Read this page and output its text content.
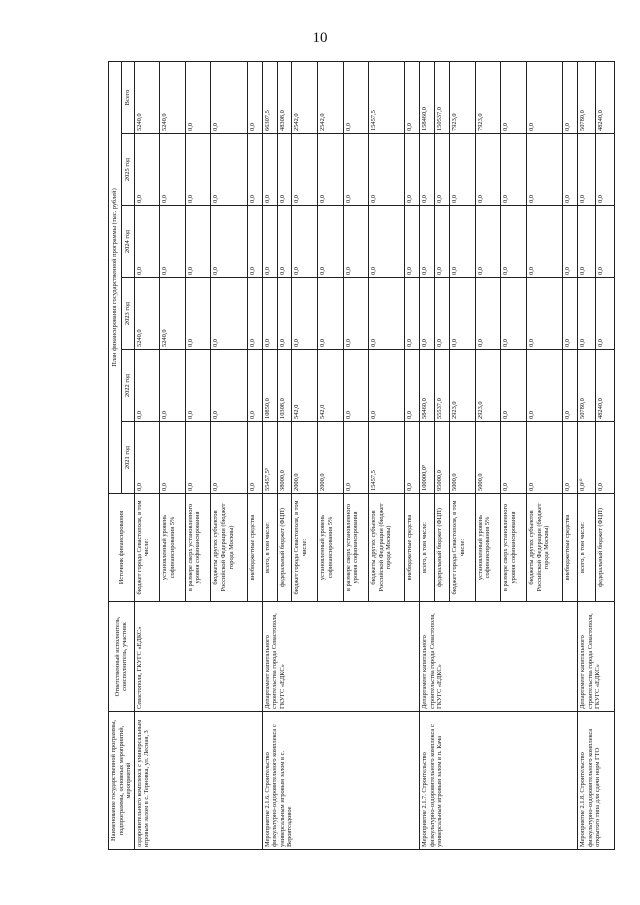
10
Наименование государственной программы, подпрограммы, основных мероприятий, мероприятий	Ответственный исполнитель, соисполнитель, участник	Источник финансирования	План финансирования государственной программы (тыс. рублей)					
			2021 год	2022 год	2023 год	2024 год	2025 год	Всего
оздоровительного комплекса с универсальным игровым залом в с. Терновка, ул. Лесная, 3	Севастополя, ГКУГС «ЕДКС»	бюджет города Севастополя, в том числе:	0,0	0,0	5240,0	0,0	0,0	5240,0
		установленный уровень софинансирования 5%	0,0	0,0	5240,0	0,0	0,0	5240,0
		в размере сверх установленного уровня софинансирования	0,0	0,0	0,0	0,0	0,0	0,0
		бюджеты других субъектов Российской Федерации (бюджет города Москвы)	0,0	0,0	0,0	0,0	0,0	0,0
		внебюджетные средства	0,0	0,0	0,0	0,0	0,0	0,0
Мероприятие 2.1.6. Строительство физкультурно-оздоровительного комплекса с универсальным игровым залом в с. Вероятсадовое	Департамент капитального строительства города Севастополя, ГКУГС «ЕДКС»	всего, в том числе:	55457,5⁹	10850,0	0,0	0,0	0,0	66307,5
		федеральный бюджет (ФЦП)	38000,0	10308,0	0,0	0,0	0,0	48308,0
		бюджет города Севастополя, в том числе:	2000,0	542,0	0,0	0,0	0,0	2542,0
		установленный уровень софинансирования 5%	2000,0	542,0	0,0	0,0	0,0	2542,0
		в размере сверх установленного уровня софинансирования	0,0	0,0	0,0	0,0	0,0	0,0
		бюджеты других субъектов Российской Федерации (бюджет города Москвы)	15457,5	0,0	0,0	0,0	0,0	15457,5
		внебюджетные средства	0,0	0,0	0,0	0,0	0,0	0,0
Мероприятие 2.1.7. Строительство физкультурно-оздоровительного комплекса с универсальным игровым залом в п. Кача	Департамент капитального строительства города Севастополя, ГКУГС «ЕДКС»	всего, в том числе:	100000,0⁹	58460,0	0,0	0,0	0,0	158460,0
		федеральный бюджет (ФЦП)	95000,0	55537,0	0,0	0,0	0,0	150537,0
		бюджет города Севастополя, в том числе:	5000,0	2923,0	0,0	0,0	0,0	7923,0
		установленный уровень софинансирования 5%	5000,0	2923,0	0,0	0,0	0,0	7923,0
		в размере сверх установленного уровня софинансирования	0,0	0,0	0,0	0,0	0,0	0,0
		бюджеты других субъектов Российской Федерации (бюджет города Москвы)	0,0	0,0	0,0	0,0	0,0	0,0
		внебюджетные средства	0,0	0,0	0,0	0,0	0,0	0,0
Мероприятие 2.1.8. Строительство физкультурно-оздоровительного комплекса открытого типа для сдачи норм ГТО	Департамент капитального строительства города Севастополя, ГКУГС «ЕДКС»	всего, в том числе:	0,0¹⁰	50780,0	0,0	0,0	0,0	50780,0
		федеральный бюджет (ФЦП)	0,0	48240,0	0,0	0,0	0,0	48240,0
